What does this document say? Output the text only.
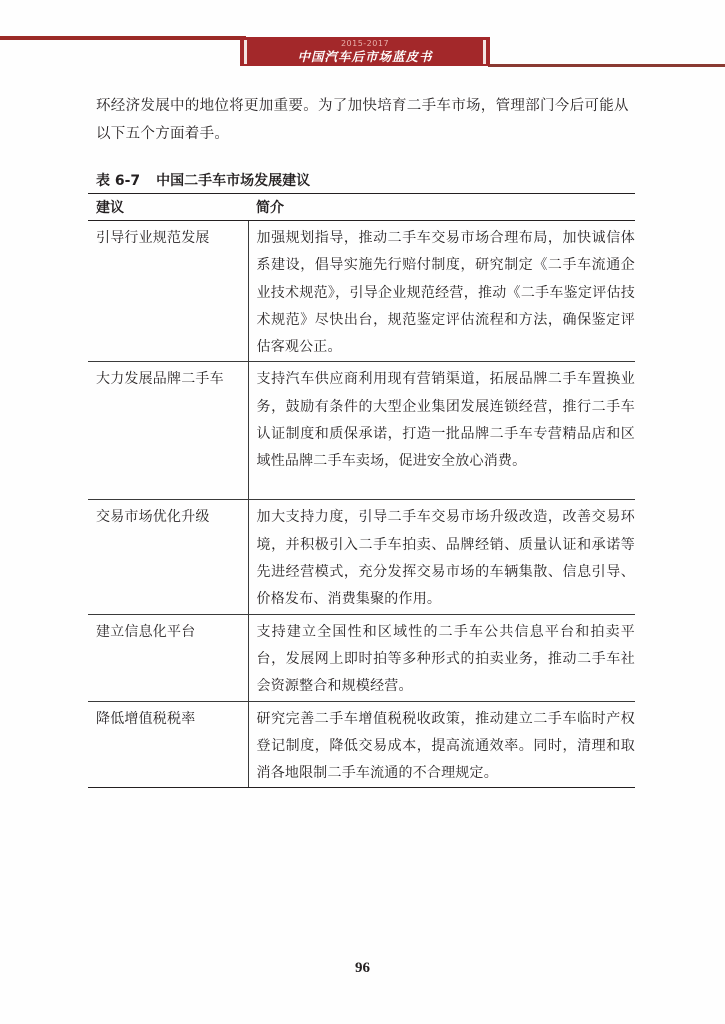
2015-2017
中国汽车后市场蓝皮书
环经济发展中的地位将更加重要。为了加快培育二手车市场，管理部门今后可能从以下五个方面着手。
表 6-7 中国二手车市场发展建议
建议	简介
引导行业规范发展	加强规划指导，推动二手车交易市场合理布局，加快诚信体系建设，倡导实施先行赔付制度，研究制定《二手车流通企业技术规范》，引导企业规范经营，推动《二手车鉴定评估技术规范》尽快出台，规范鉴定评估流程和方法，确保鉴定评估客观公正。
大力发展品牌二手车	支持汽车供应商利用现有营销渠道，拓展品牌二手车置换业务，鼓励有条件的大型企业集团发展连锁经营，推行二手车认证制度和质保承诺，打造一批品牌二手车专营精品店和区域性品牌二手车卖场，促进安全放心消费。
交易市场优化升级	加大支持力度，引导二手车交易市场升级改造，改善交易环境，并积极引入二手车拍卖、品牌经销、质量认证和承诺等先进经营模式，充分发挥交易市场的车辆集散、信息引导、价格发布、消费集聚的作用。
建立信息化平台	支持建立全国性和区域性的二手车公共信息平台和拍卖平台，发展网上即时拍等多种形式的拍卖业务，推动二手车社会资源整合和规模经营。
降低增值税税率	研究完善二手车增值税税收政策，推动建立二手车临时产权登记制度，降低交易成本，提高流通效率。同时，清理和取消各地限制二手车流通的不合理规定。
96
